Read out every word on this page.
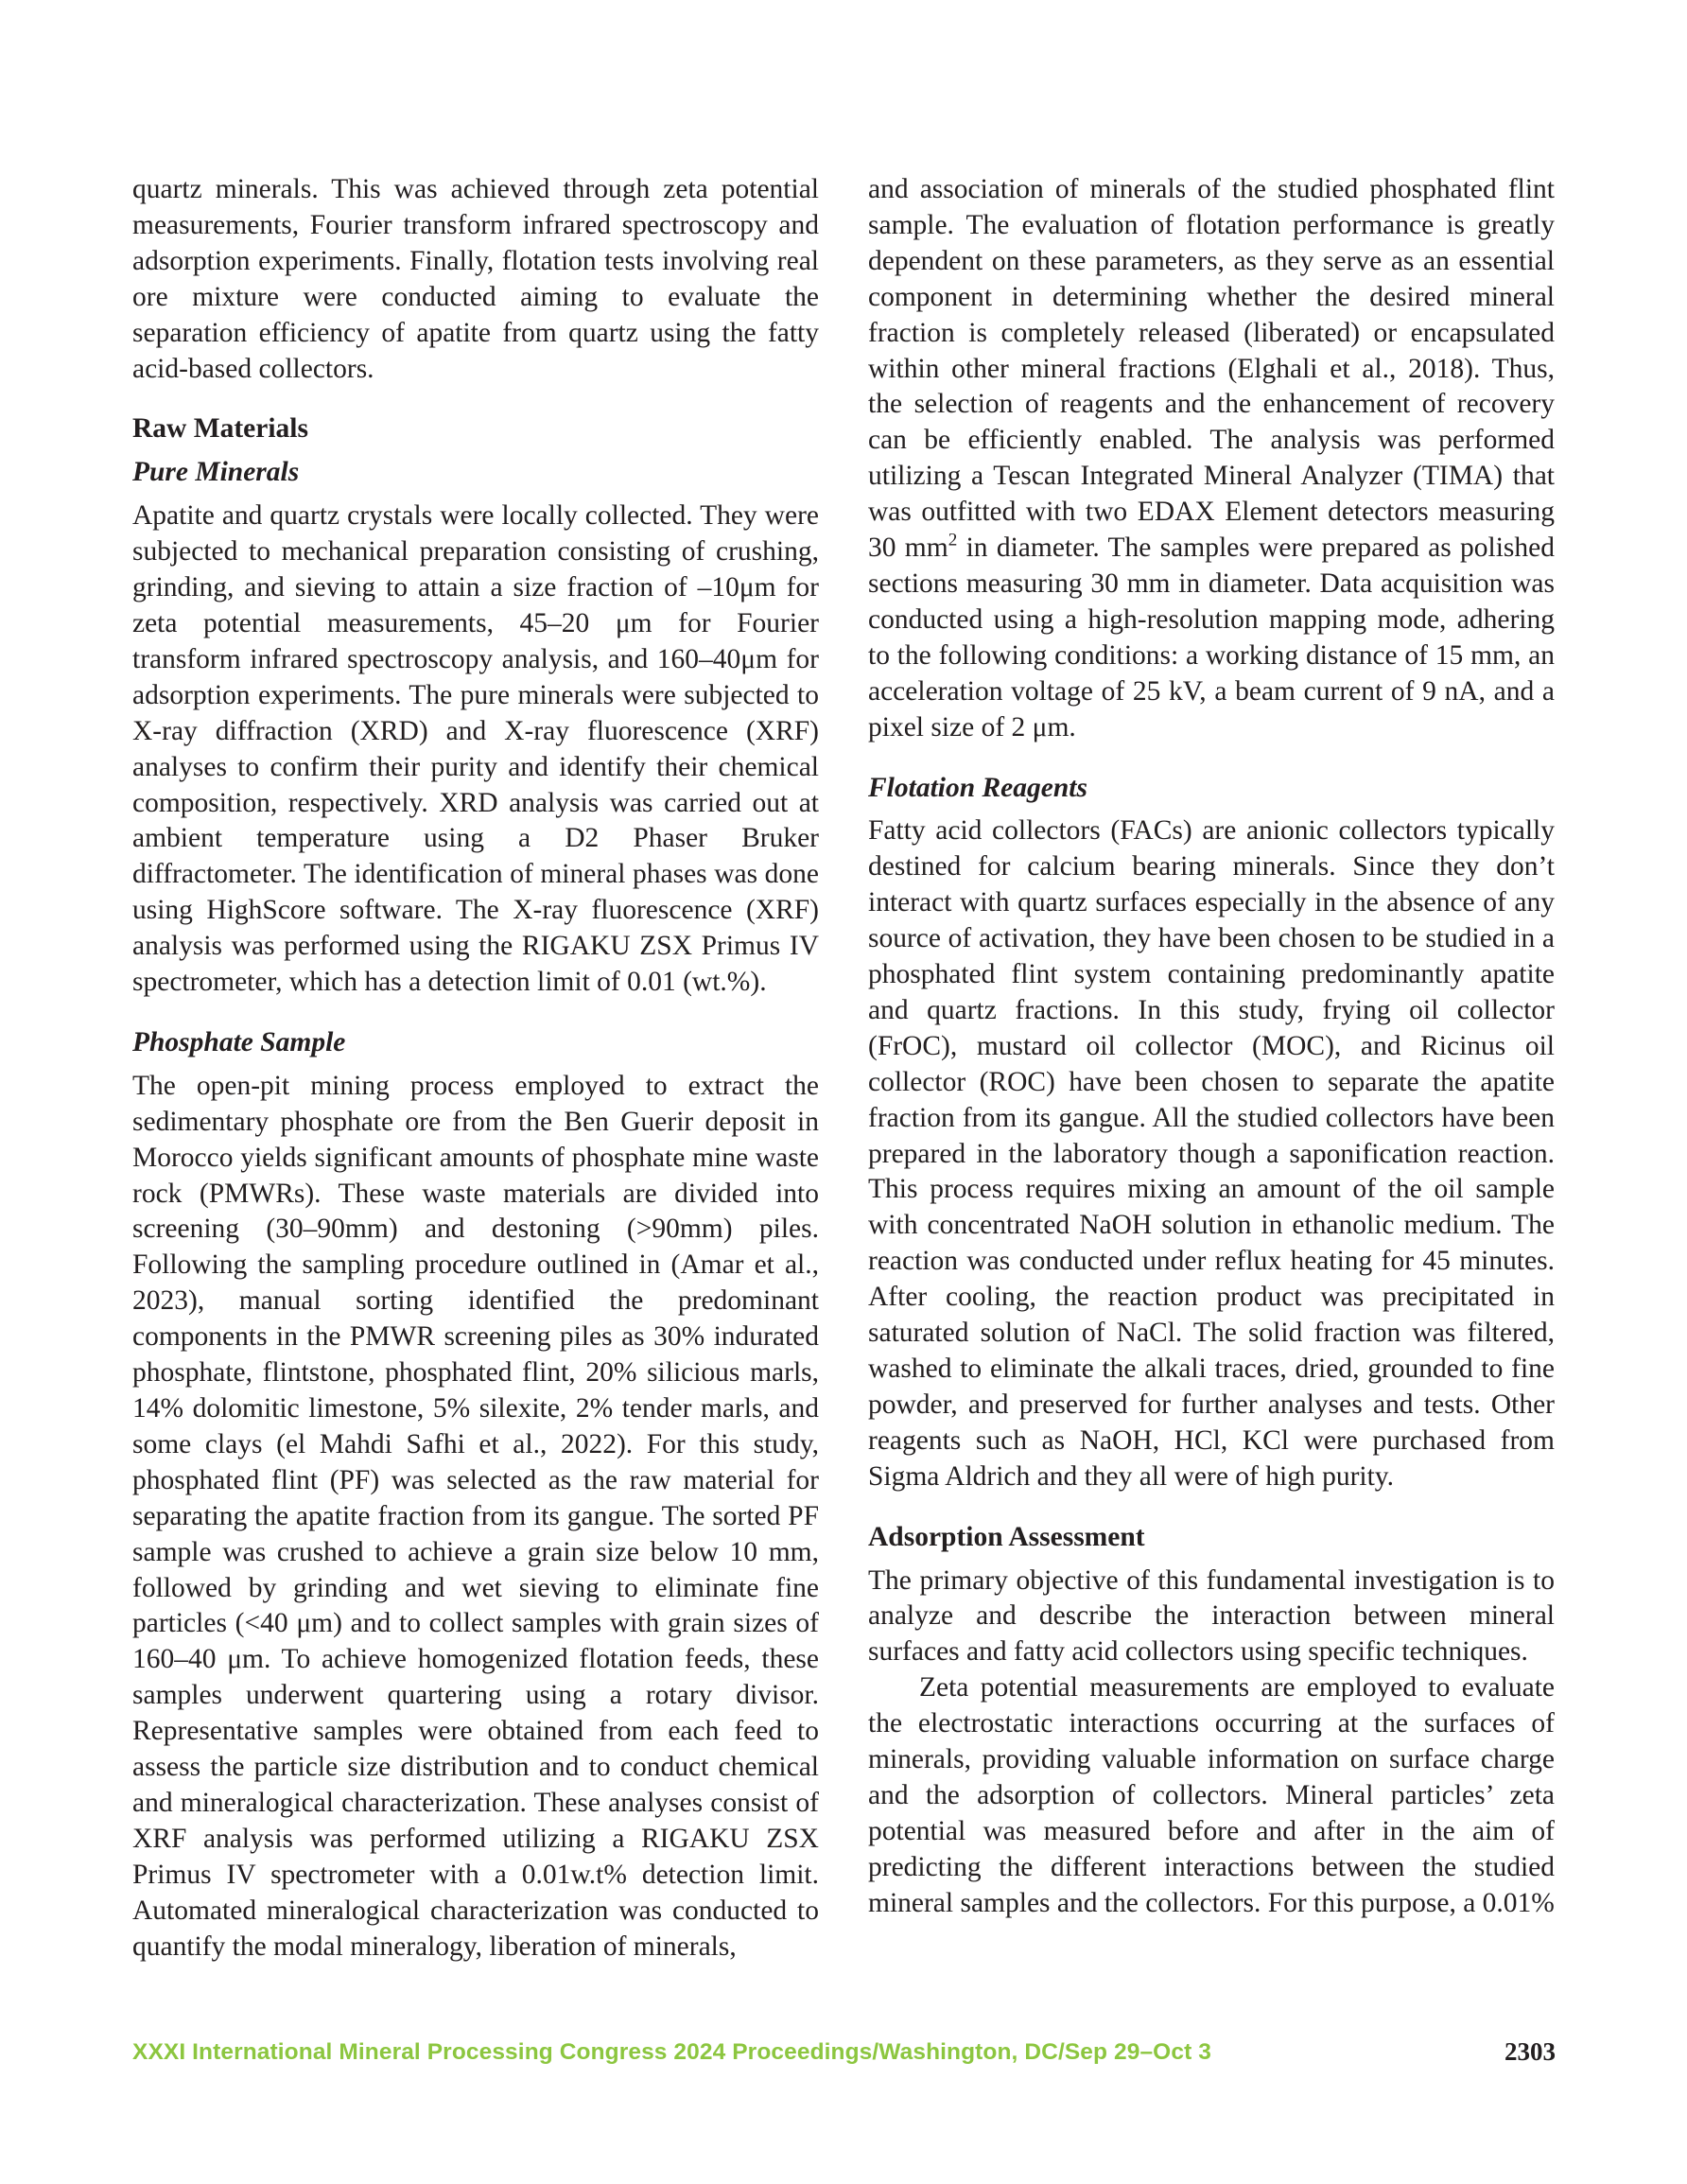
quartz minerals. This was achieved through zeta potential measurements, Fourier transform infrared spectroscopy and adsorption experiments. Finally, flotation tests involving real ore mixture were conducted aiming to evaluate the separation efficiency of apatite from quartz using the fatty acid-based collectors.

Raw Materials
Pure Minerals

Apatite and quartz crystals were locally collected. They were subjected to mechanical preparation consisting of crushing, grinding, and sieving to attain a size fraction of –10μm for zeta potential measurements, 45–20 μm for Fourier transform infrared spectroscopy analysis, and 160–40μm for adsorption experiments. The pure minerals were subjected to X-ray diffraction (XRD) and X-ray fluorescence (XRF) analyses to confirm their purity and identify their chemical composition, respectively. XRD analysis was carried out at ambient temperature using a D2 Phaser Bruker diffractometer. The identification of mineral phases was done using HighScore software. The X-ray fluorescence (XRF) analysis was performed using the RIGAKU ZSX Primus IV spectrometer, which has a detection limit of 0.01 (wt.%).

Phosphate Sample

The open-pit mining process employed to extract the sedimentary phosphate ore from the Ben Guerir deposit in Morocco yields significant amounts of phosphate mine waste rock (PMWRs). These waste materials are divided into screening (30–90mm) and destoning (>90mm) piles. Following the sampling procedure outlined in (Amar et al., 2023), manual sorting identified the predominant components in the PMWR screening piles as 30% indurated phosphate, flintstone, phosphated flint, 20% silicious marls, 14% dolomitic limestone, 5% silexite, 2% tender marls, and some clays (el Mahdi Safhi et al., 2022). For this study, phosphated flint (PF) was selected as the raw material for separating the apatite fraction from its gangue. The sorted PF sample was crushed to achieve a grain size below 10 mm, followed by grinding and wet sieving to eliminate fine particles (<40 μm) and to collect samples with grain sizes of 160–40 μm. To achieve homogenized flotation feeds, these samples underwent quartering using a rotary divisor. Representative samples were obtained from each feed to assess the particle size distribution and to conduct chemical and mineralogical characterization. These analyses consist of XRF analysis was performed utilizing a RIGAKU ZSX Primus IV spectrometer with a 0.01w.t% detection limit. Automated mineralogical characterization was conducted to quantify the modal mineralogy, liberation of minerals,

and association of minerals of the studied phosphated flint sample. The evaluation of flotation performance is greatly dependent on these parameters, as they serve as an essential component in determining whether the desired mineral fraction is completely released (liberated) or encapsulated within other mineral fractions (Elghali et al., 2018). Thus, the selection of reagents and the enhancement of recovery can be efficiently enabled. The analysis was performed utilizing a Tescan Integrated Mineral Analyzer (TIMA) that was outfitted with two EDAX Element detectors measuring 30 $mm^2$ in diameter. The samples were prepared as polished sections measuring 30 mm in diameter. Data acquisition was conducted using a high-resolution mapping mode, adhering to the following conditions: a working distance of 15 mm, an acceleration voltage of 25 kV, a beam current of 9 nA, and a pixel size of 2 μm.

Flotation Reagents

Fatty acid collectors (FACs) are anionic collectors typically destined for calcium bearing minerals. Since they don’t interact with quartz surfaces especially in the absence of any source of activation, they have been chosen to be studied in a phosphated flint system containing predominantly apatite and quartz fractions. In this study, frying oil collector (FrOC), mustard oil collector (MOC), and Ricinus oil collector (ROC) have been chosen to separate the apatite fraction from its gangue. All the studied collectors have been prepared in the laboratory though a saponification reaction. This process requires mixing an amount of the oil sample with concentrated NaOH solution in ethanolic medium. The reaction was conducted under reflux heating for 45 minutes. After cooling, the reaction product was precipitated in saturated solution of NaCl. The solid fraction was filtered, washed to eliminate the alkali traces, dried, grounded to fine powder, and preserved for further analyses and tests. Other reagents such as NaOH, HCl, KCl were purchased from Sigma Aldrich and they all were of high purity.

Adsorption Assessment

The primary objective of this fundamental investigation is to analyze and describe the interaction between mineral surfaces and fatty acid collectors using specific techniques.

Zeta potential measurements are employed to evaluate the electrostatic interactions occurring at the surfaces of minerals, providing valuable information on surface charge and the adsorption of collectors. Mineral particles’ zeta potential was measured before and after in the aim of predicting the different interactions between the studied mineral samples and the collectors. For this purpose, a 0.01%

XXXI International Mineral Processing Congress 2024 Proceedings/Washington, DC/Sep 29–Oct 3	2303
